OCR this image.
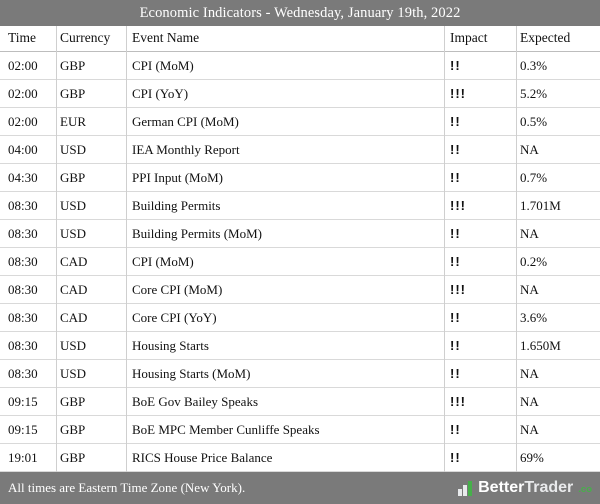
Economic Indicators - Wednesday, January 19th, 2022
Time	Currency	Event Name	Impact	Expected
02:00	GBP	CPI (MoM)	!!	0.3%
02:00	GBP	CPI (YoY)	!!!	5.2%
02:00	EUR	German CPI (MoM)	!!	0.5%
04:00	USD	IEA Monthly Report	!!	NA
04:30	GBP	PPI Input (MoM)	!!	0.7%
08:30	USD	Building Permits	!!!	1.701M
08:30	USD	Building Permits (MoM)	!!	NA
08:30	CAD	CPI (MoM)	!!	0.2%
08:30	CAD	Core CPI (MoM)	!!!	NA
08:30	CAD	Core CPI (YoY)	!!	3.6%
08:30	USD	Housing Starts	!!	1.650M
08:30	USD	Housing Starts (MoM)	!!	NA
09:15	GBP	BoE Gov Bailey Speaks	!!!	NA
09:15	GBP	BoE MPC Member Cunliffe Speaks	!!	NA
19:01	GBP	RICS House Price Balance	!!	69%
All times are Eastern Time Zone (New York).	BetterTrader .co
